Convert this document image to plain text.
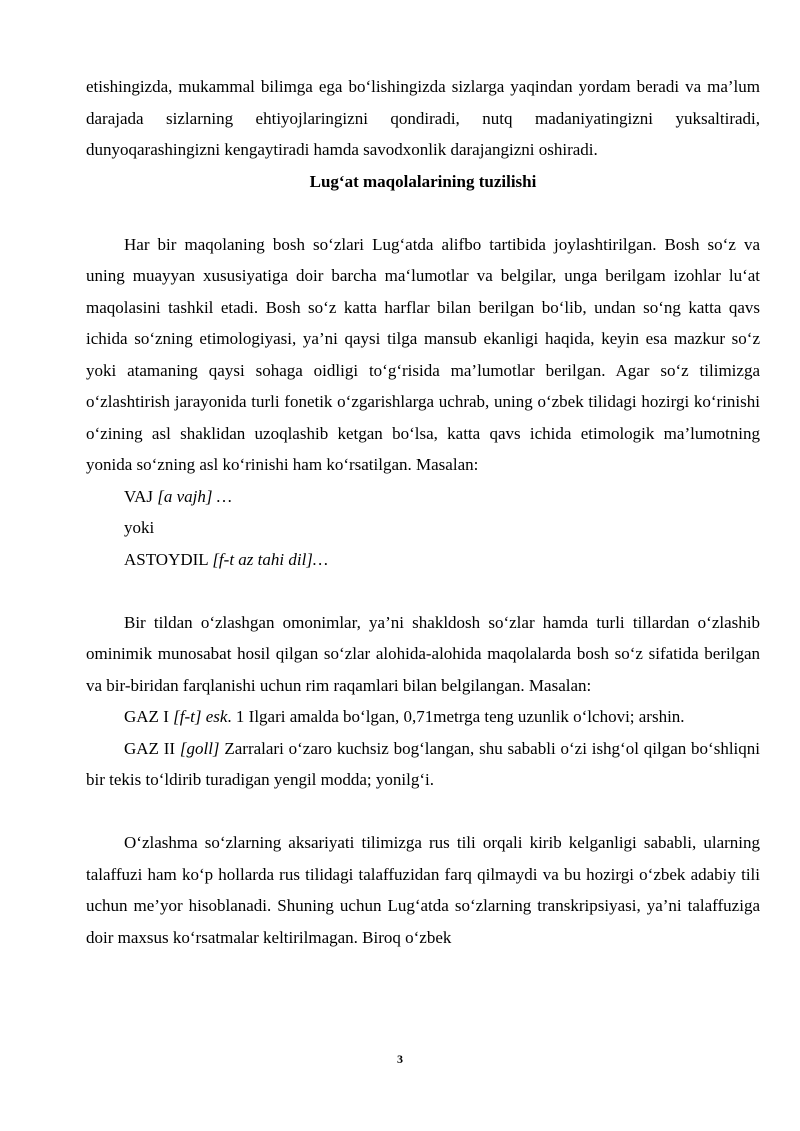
etishingizda, mukammal bilimga ega bo‘lishingizda sizlarga yaqindan yordam beradi va ma’lum darajada sizlarning ehtiyojlaringizni qondiradi, nutq madaniyatingizni yuksaltiradi, dunyoqarashingizni kengaytiradi hamda savodxonlik darajangizni oshiradi.

Lug‘at maqolalarining tuzilishi

Har bir maqolaning bosh so‘zlari Lug‘atda alifbo tartibida joylashtirilgan. Bosh so‘z va uning muayyan xususiyatiga doir barcha ma‘lumotlar va belgilar, unga berilgam izohlar lu‘at maqolasini tashkil etadi. Bosh so‘z katta harflar bilan berilgan bo‘lib, undan so‘ng katta qavs ichida so‘zning etimologiyasi, ya’ni qaysi tilga mansub ekanligi haqida, keyin esa mazkur so‘z yoki atamaning qaysi sohaga oidligi to‘g‘risida ma’lumotlar berilgan. Agar so‘z tilimizga o‘zlashtirish jarayonida turli fonetik o‘zgarishlarga uchrab, uning o‘zbek tilidagi hozirgi ko‘rinishi o‘zining asl shaklidan uzoqlashib ketgan bo‘lsa, katta qavs ichida etimologik ma’lumotning yonida so‘zning asl ko‘rinishi ham ko‘rsatilgan. Masalan:

VAJ [a vajh] …

yoki

ASTOYDIL [f-t az tahi dil]…

Bir tildan o‘zlashgan omonimlar, ya’ni shakldosh so‘zlar hamda turli tillardan o‘zlashib ominimik munosabat hosil qilgan so‘zlar alohida-alohida maqolalarda bosh so‘z sifatida berilgan va bir-biridan farqlanishi uchun rim raqamlari bilan belgilangan. Masalan:

GAZ I [f-t] esk. 1 Ilgari amalda bo‘lgan, 0,71metrga teng uzunlik o‘lchovi; arshin.

GAZ II [goll] Zarralari o‘zaro kuchsiz bog‘langan, shu sababli o‘zi ishg‘ol qilgan bo‘shliqni bir tekis to‘ldirib turadigan yengil modda; yonilg‘i.

O‘zlashma so‘zlarning aksariyati tilimizga rus tili orqali kirib kelganligi sababli, ularning talaffuzi ham ko‘p hollarda rus tilidagi talaffuzidan farq qilmaydi va bu hozirgi o‘zbek adabiy tili uchun me’yor hisoblanadi. Shuning uchun Lug‘atda so‘zlarning transkripsiyasi, ya’ni talaffuziga doir maxsus ko‘rsatmalar keltirilmagan. Biroq o‘zbek

3
